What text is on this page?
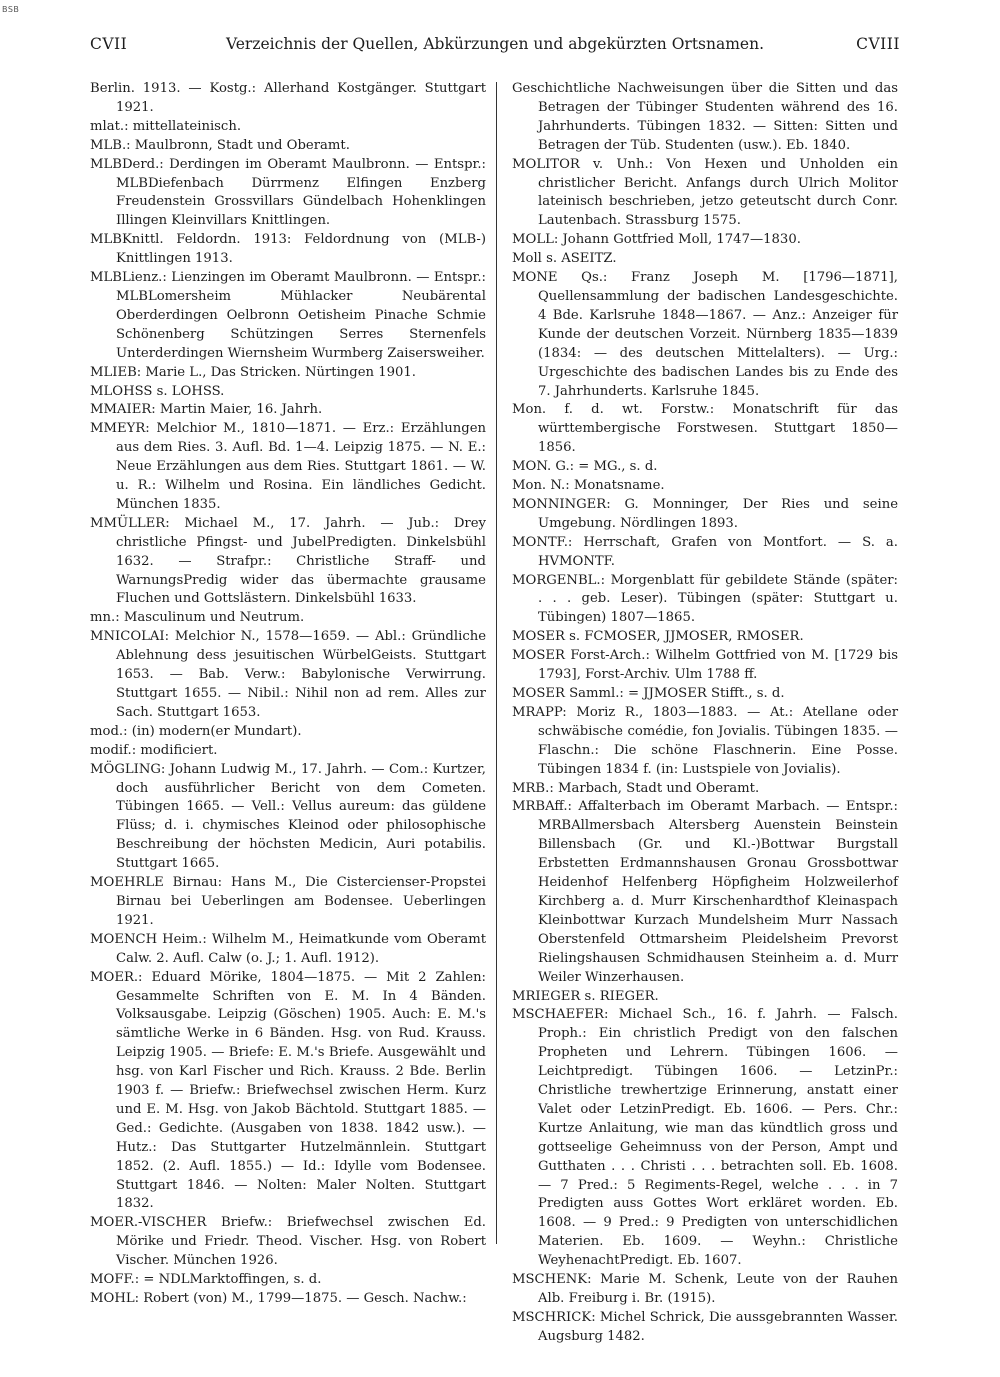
BSB
CVII	Verzeichnis der Quellen, Abkürzungen und abgekürzten Ortsnamen.	CVIII

Berlin. 1913. — Kostg.: Allerhand Kostgänger. Stuttgart 1921.

mlat.: mittellateinisch.

MLB.: Maulbronn, Stadt und Oberamt.

MLBDerd.: Derdingen im Oberamt Maulbronn. — Entspr.: MLBDiefenbach Dürrmenz Elfingen Enzberg Freudenstein Grossvillars Gündelbach Hohenklingen Illingen Kleinvillars Knittlingen.

MLBKnittl. Feldordn. 1913: Feldordnung von (MLB-) Knittlingen 1913.

MLBLienz.: Lienzingen im Oberamt Maulbronn. — Entspr.: MLBLomersheim Mühlacker Neubärental Oberderdingen Oelbronn Oetisheim Pinache Schmie Schönenberg Schützingen Serres Sternenfels Unterderdingen Wiernsheim Wurmberg Zaisersweiher.

MLIEB: Marie L., Das Stricken. Nürtingen 1901.

MLOHSS s. LOHSS.

MMAIER: Martin Maier, 16. Jahrh.

MMEYR: Melchior M., 1810—1871. — Erz.: Erzählungen aus dem Ries. 3. Aufl. Bd. 1—4. Leipzig 1875. — N. E.: Neue Erzählungen aus dem Ries. Stuttgart 1861. — W. u. R.: Wilhelm und Rosina. Ein ländliches Gedicht. München 1835.

MMÜLLER: Michael M., 17. Jahrh. — Jub.: Drey christliche Pfingst- und JubelPredigten. Dinkelsbühl 1632. — Strafpr.: Christliche Straff- und WarnungsPredig wider das übermachte grausame Fluchen und Gottslästern. Dinkelsbühl 1633.

mn.: Masculinum und Neutrum.

MNICOLAI: Melchior N., 1578—1659. — Abl.: Gründliche Ablehnung dess jesuitischen WürbelGeists. Stuttgart 1653. — Bab. Verw.: Babylonische Verwirrung. Stuttgart 1655. — Nibil.: Nihil non ad rem. Alles zur Sach. Stuttgart 1653.

mod.: (in) modern(er Mundart).

modif.: modificiert.

MÖGLING: Johann Ludwig M., 17. Jahrh. — Com.: Kurtzer, doch ausführlicher Bericht von dem Cometen. Tübingen 1665. — Vell.: Vellus aureum: das güldene Flüss; d. i. chymisches Kleinod oder philosophische Beschreibung der höchsten Medicin, Auri potabilis. Stuttgart 1665.

MOEHRLE Birnau: Hans M., Die Cistercienser-Propstei Birnau bei Ueberlingen am Bodensee. Ueberlingen 1921.

MOENCH Heim.: Wilhelm M., Heimatkunde vom Oberamt Calw. 2. Aufl. Calw (o. J.; 1. Aufl. 1912).

MOER.: Eduard Mörike, 1804—1875. — Mit 2 Zahlen: Gesammelte Schriften von E. M. In 4 Bänden. Volksausgabe. Leipzig (Göschen) 1905. Auch: E. M.'s sämtliche Werke in 6 Bänden. Hsg. von Rud. Krauss. Leipzig 1905. — Briefe: E. M.'s Briefe. Ausgewählt und hsg. von Karl Fischer und Rich. Krauss. 2 Bde. Berlin 1903 f. — Briefw.: Briefwechsel zwischen Herm. Kurz und E. M. Hsg. von Jakob Bächtold. Stuttgart 1885. — Ged.: Gedichte. (Ausgaben von 1838. 1842 usw.). — Hutz.: Das Stuttgarter Hutzelmännlein. Stuttgart 1852. (2. Aufl. 1855.) — Id.: Idylle vom Bodensee. Stuttgart 1846. — Nolten: Maler Nolten. Stuttgart 1832.

MOER.-VISCHER Briefw.: Briefwechsel zwischen Ed. Mörike und Friedr. Theod. Vischer. Hsg. von Robert Vischer. München 1926.

MOFF.: = NDLMarktoffingen, s. d.

MOHL: Robert (von) M., 1799—1875. — Gesch. Nachw.:

Geschichtliche Nachweisungen über die Sitten und das Betragen der Tübinger Studenten während des 16. Jahrhunderts. Tübingen 1832. — Sitten: Sitten und Betragen der Tüb. Studenten (usw.). Eb. 1840.

MOLITOR v. Unh.: Von Hexen und Unholden ein christlicher Bericht. Anfangs durch Ulrich Molitor lateinisch beschrieben, jetzo geteutscht durch Conr. Lautenbach. Strassburg 1575.

MOLL: Johann Gottfried Moll, 1747—1830.

Moll s. ASEITZ.

MONE Qs.: Franz Joseph M. [1796—1871], Quellensammlung der badischen Landesgeschichte. 4 Bde. Karlsruhe 1848—1867. — Anz.: Anzeiger für Kunde der deutschen Vorzeit. Nürnberg 1835—1839 (1834: — des deutschen Mittelalters). — Urg.: Urgeschichte des badischen Landes bis zu Ende des 7. Jahrhunderts. Karlsruhe 1845.

Mon. f. d. wt. Forstw.: Monatschrift für das württembergische Forstwesen. Stuttgart 1850—1856.

MON. G.: = MG., s. d.

Mon. N.: Monatsname.

MONNINGER: G. Monninger, Der Ries und seine Umgebung. Nördlingen 1893.

MONTF.: Herrschaft, Grafen von Montfort. — S. a. HVMONTF.

MORGENBL.: Morgenblatt für gebildete Stände (später: . . . geb. Leser). Tübingen (später: Stuttgart u. Tübingen) 1807—1865.

MOSER s. FCMOSER, JJMOSER, RMOSER.

MOSER Forst-Arch.: Wilhelm Gottfried von M. [1729 bis 1793], Forst-Archiv. Ulm 1788 ff.

MOSER Samml.: = JJMOSER Stifft., s. d.

MRAPP: Moriz R., 1803—1883. — At.: Atellane oder schwäbische comédie, fon Jovialis. Tübingen 1835. — Flaschn.: Die schöne Flaschnerin. Eine Posse. Tübingen 1834 f. (in: Lustspiele von Jovialis).

MRB.: Marbach, Stadt und Oberamt.

MRBAff.: Affalterbach im Oberamt Marbach. — Entspr.: MRBAllmersbach Altersberg Auenstein Beinstein Billensbach (Gr. und Kl.-)Bottwar Burgstall Erbstetten Erdmannshausen Gronau Grossbottwar Heidenhof Helfenberg Höpfigheim Holzweilerhof Kirchberg a. d. Murr Kirschenhardthof Kleinaspach Kleinbottwar Kurzach Mundelsheim Murr Nassach Oberstenfeld Ottmarsheim Pleidelsheim Prevorst Rielingshausen Schmidhausen Steinheim a. d. Murr Weiler Winzerhausen.

MRIEGER s. RIEGER.

MSCHAEFER: Michael Sch., 16. f. Jahrh. — Falsch. Proph.: Ein christlich Predigt von den falschen Propheten und Lehrern. Tübingen 1606. — Leichtpredigt. Tübingen 1606. — LetzinPr.: Christliche trewhertzige Erinnerung, anstatt einer Valet oder LetzinPredigt. Eb. 1606. — Pers. Chr.: Kurtze Anlaitung, wie man das kündtlich gross und gottseelige Geheimnuss von der Person, Ampt und Gutthaten . . . Christi . . . betrachten soll. Eb. 1608. — 7 Pred.: 5 Regiments-Regel, welche . . . in 7 Predigten auss Gottes Wort erkläret worden. Eb. 1608. — 9 Pred.: 9 Predigten von unterschidlichen Materien. Eb. 1609. — Weyhn.: Christliche WeyhenachtPredigt. Eb. 1607.

MSCHENK: Marie M. Schenk, Leute von der Rauhen Alb. Freiburg i. Br. (1915).

MSCHRICK: Michel Schrick, Die aussgebrannten Wasser. Augsburg 1482.
